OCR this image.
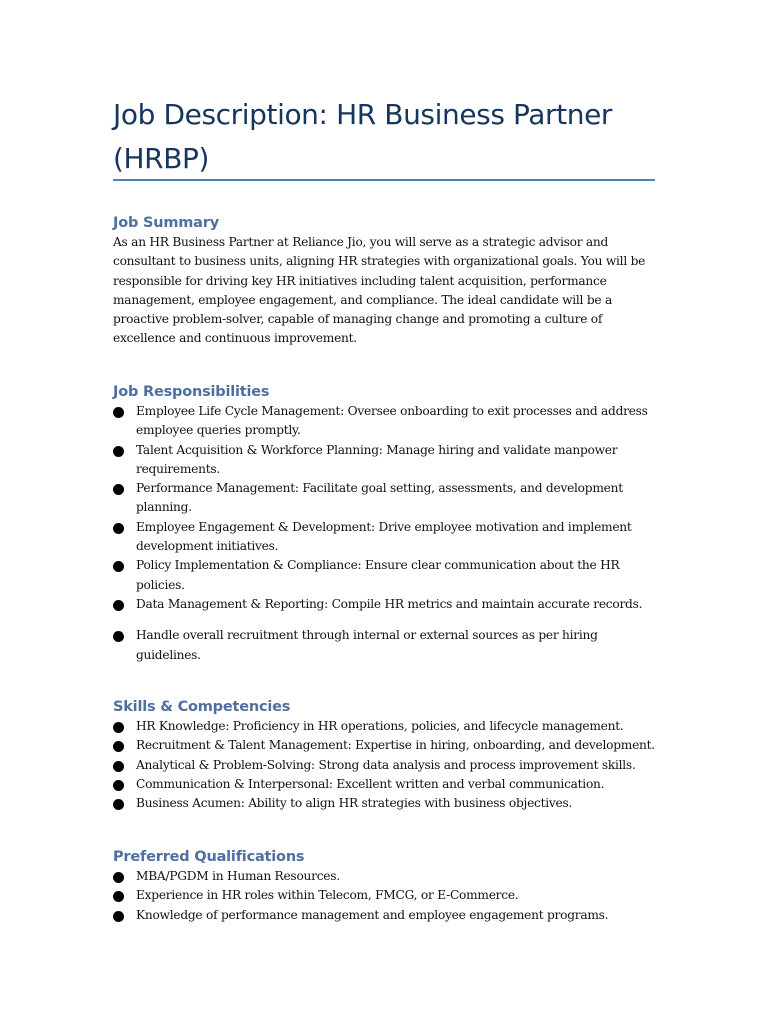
Job Description: HR Business Partner (HRBP)
Job Summary

As an HR Business Partner at Reliance Jio, you will serve as a strategic advisor and consultant to business units, aligning HR strategies with organizational goals. You will be responsible for driving key HR initiatives including talent acquisition, performance management, employee engagement, and compliance. The ideal candidate will be a proactive problem-solver, capable of managing change and promoting a culture of excellence and continuous improvement.

Job Responsibilities
Employee Life Cycle Management: Oversee onboarding to exit processes and address employee queries promptly.
Talent Acquisition & Workforce Planning: Manage hiring and validate manpower requirements.
Performance Management: Facilitate goal setting, assessments, and development planning.
Employee Engagement & Development: Drive employee motivation and implement development initiatives.
Policy Implementation & Compliance: Ensure clear communication about the HR policies.
Data Management & Reporting: Compile HR metrics and maintain accurate records.
Handle overall recruitment through internal or external sources as per hiring guidelines.
Skills & Competencies
HR Knowledge: Proficiency in HR operations, policies, and lifecycle management.
Recruitment & Talent Management: Expertise in hiring, onboarding, and development.
Analytical & Problem-Solving: Strong data analysis and process improvement skills.
Communication & Interpersonal: Excellent written and verbal communication.
Business Acumen: Ability to align HR strategies with business objectives.
Preferred Qualifications
MBA/PGDM in Human Resources.
Experience in HR roles within Telecom, FMCG, or E-Commerce.
Knowledge of performance management and employee engagement programs.
